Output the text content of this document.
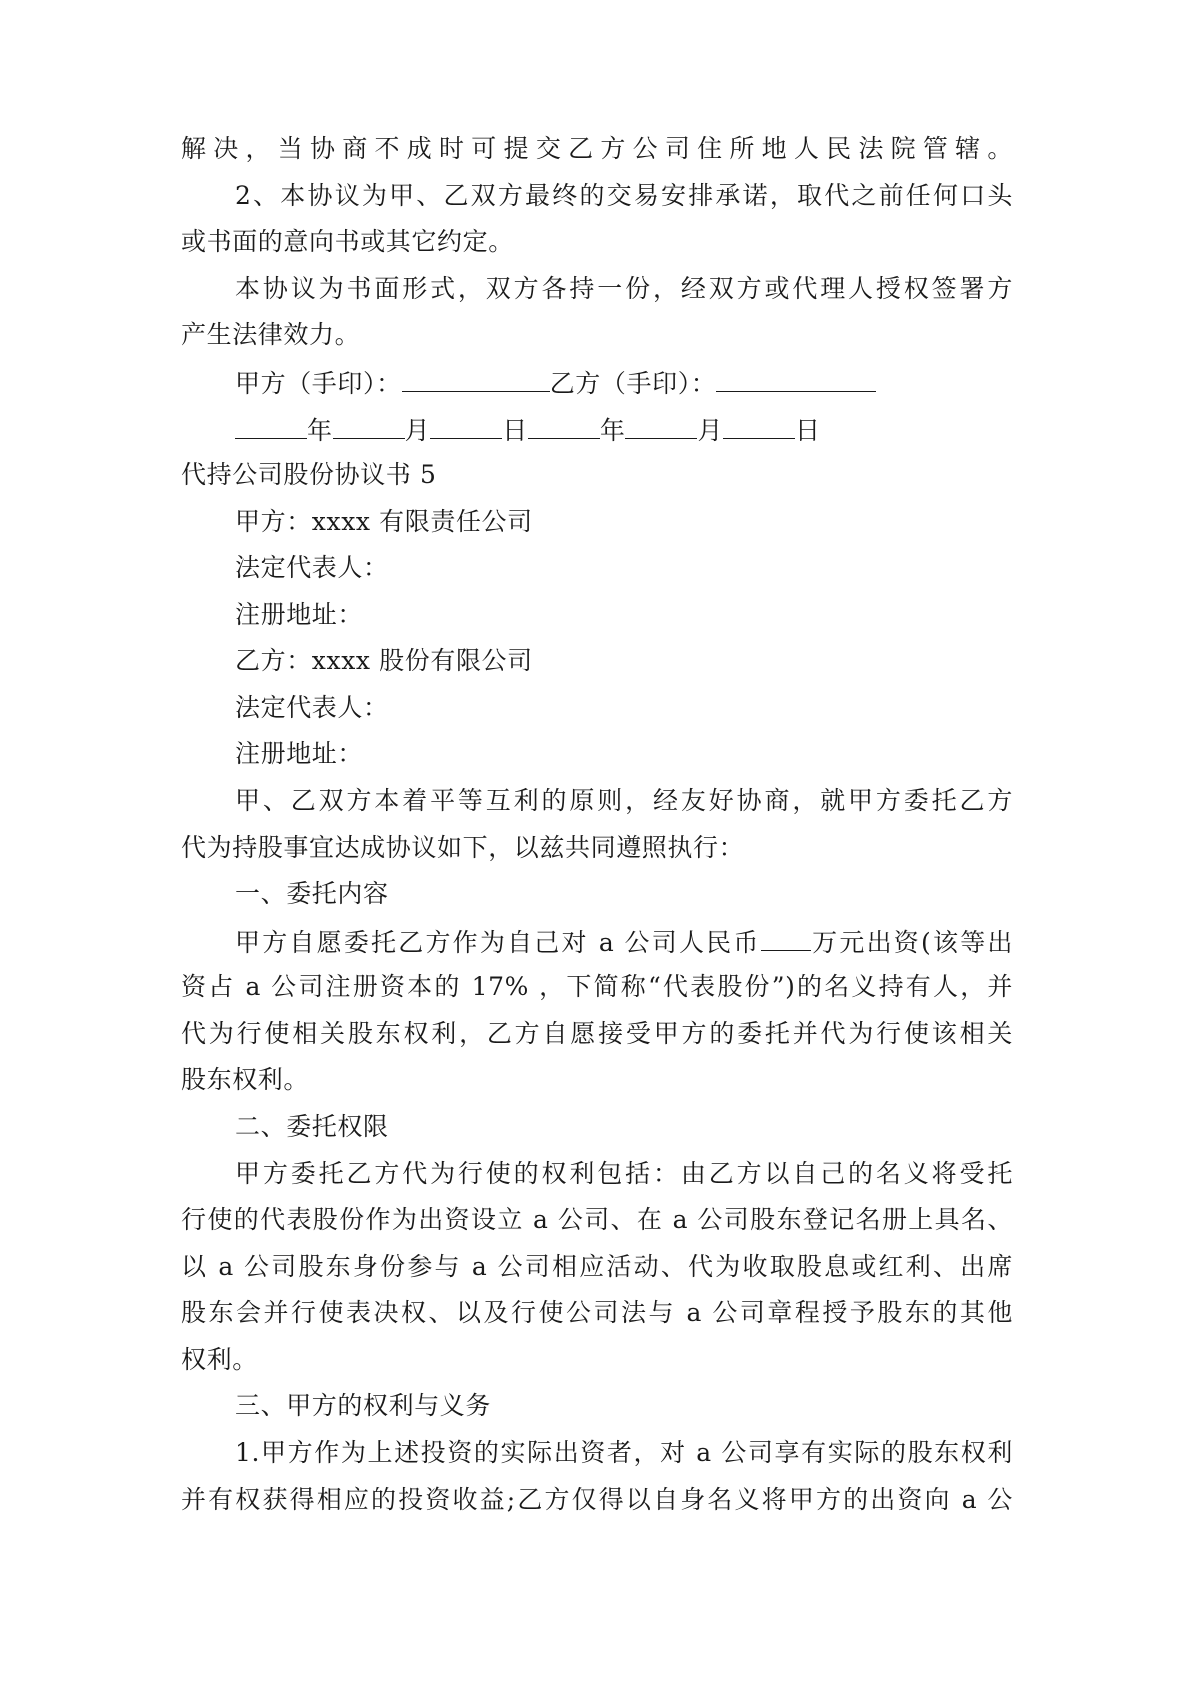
解决，当协商不成时可提交乙方公司住所地人民法院管辖。
2、本协议为甲、乙双方最终的交易安排承诺，取代之前任何口头
或书面的意向书或其它约定。
本协议为书面形式，双方各持一份，经双方或代理人授权签署方
产生法律效力。
甲方（手印）：	乙方（手印）：
年	月	日	年	月	日
代持公司股份协议书 5
甲方：xxxx 有限责任公司
法定代表人：
注册地址：
乙方：xxxx 股份有限公司
法定代表人：
注册地址：
甲、乙双方本着平等互利的原则，经友好协商，就甲方委托乙方
代为持股事宜达成协议如下，以兹共同遵照执行：
一、委托内容
甲方自愿委托乙方作为自己对 a 公司人民币 万元出资(该等出
资占 a 公司注册资本的 17% ，下简称“代表股份”)的名义持有人，并
代为行使相关股东权利，乙方自愿接受甲方的委托并代为行使该相关
股东权利。
二、委托权限
甲方委托乙方代为行使的权利包括：由乙方以自己的名义将受托
行使的代表股份作为出资设立 a 公司、在 a 公司股东登记名册上具名、
以 a 公司股东身份参与 a 公司相应活动、代为收取股息或红利、出席
股东会并行使表决权、以及行使公司法与 a 公司章程授予股东的其他
权利。
三、甲方的权利与义务
1.甲方作为上述投资的实际出资者，对 a 公司享有实际的股东权利
并有权获得相应的投资收益;乙方仅得以自身名义将甲方的出资向 a 公
